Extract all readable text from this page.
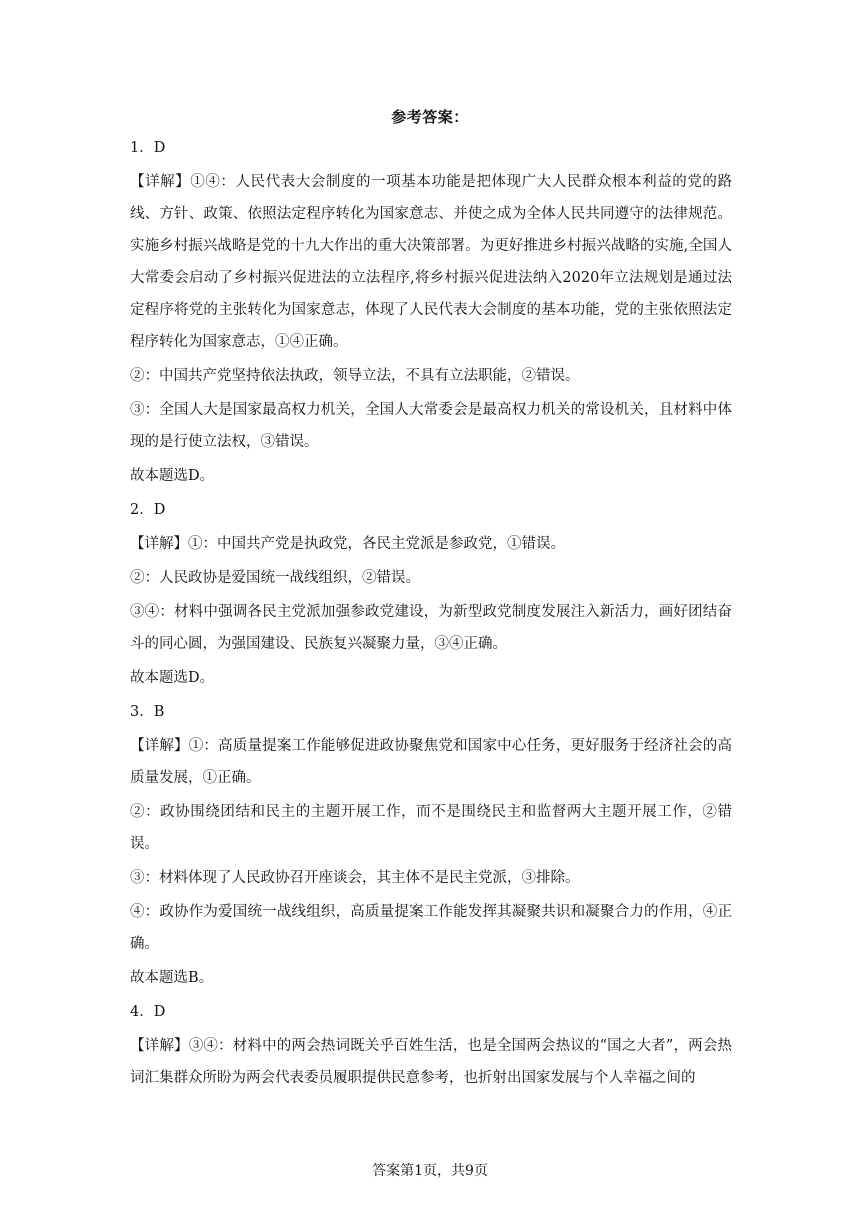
参考答案：
1．D
【详解】①④：人民代表大会制度的一项基本功能是把体现广大人民群众根本利益的党的路线、方针、政策、依照法定程序转化为国家意志、并使之成为全体人民共同遵守的法律规范。实施乡村振兴战略是党的十九大作出的重大决策部署。为更好推进乡村振兴战略的实施,全国人大常委会启动了乡村振兴促进法的立法程序,将乡村振兴促进法纳入2020年立法规划是通过法定程序将党的主张转化为国家意志，体现了人民代表大会制度的基本功能，党的主张依照法定程序转化为国家意志，①④正确。
②：中国共产党坚持依法执政，领导立法，不具有立法职能，②错误。
③：全国人大是国家最高权力机关，全国人大常委会是最高权力机关的常设机关，且材料中体现的是行使立法权，③错误。
故本题选D。
2．D
【详解】①：中国共产党是执政党，各民主党派是参政党，①错误。
②：人民政协是爱国统一战线组织，②错误。
③④：材料中强调各民主党派加强参政党建设，为新型政党制度发展注入新活力，画好团结奋斗的同心圆，为强国建设、民族复兴凝聚力量，③④正确。
故本题选D。
3．B
【详解】①：高质量提案工作能够促进政协聚焦党和国家中心任务，更好服务于经济社会的高质量发展，①正确。
②：政协围绕团结和民主的主题开展工作，而不是围绕民主和监督两大主题开展工作，②错误。
③：材料体现了人民政协召开座谈会，其主体不是民主党派，③排除。
④：政协作为爱国统一战线组织，高质量提案工作能发挥其凝聚共识和凝聚合力的作用，④正确。
故本题选B。
4．D
【详解】③④：材料中的两会热词既关乎百姓生活，也是全国两会热议的“国之大者”，两会热词汇集群众所盼为两会代表委员履职提供民意参考，也折射出国家发展与个人幸福之间的
答案第1页，共9页
